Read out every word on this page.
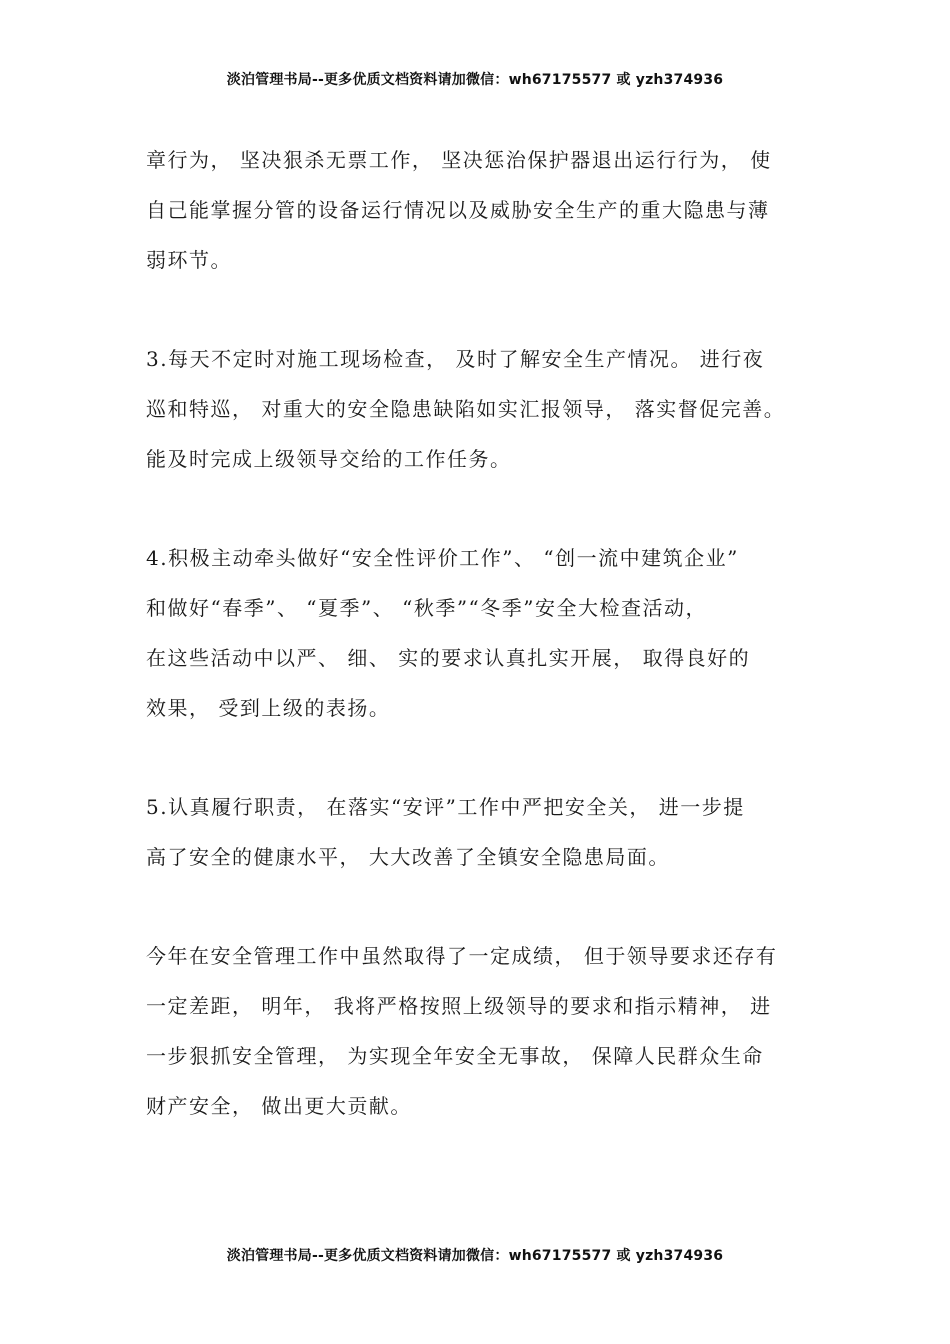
淡泊管理书局--更多优质文档资料请加微信：wh67175577 或 yzh374936

章行为， 坚决狠杀无票工作， 坚决惩治保护器退出运行行为， 使
自己能掌握分管的设备运行情况以及威胁安全生产的重大隐患与薄
弱环节。

3.每天不定时对施工现场检查， 及时了解安全生产情况。 进行夜
巡和特巡， 对重大的安全隐患缺陷如实汇报领导， 落实督促完善。
能及时完成上级领导交给的工作任务。

4.积极主动牵头做好“安全性评价工作”、 “创一流中建筑企业”
和做好“春季”、 “夏季”、 “秋季”“冬季”安全大检查活动，
在这些活动中以严、 细、 实的要求认真扎实开展， 取得良好的
效果， 受到上级的表扬。

5.认真履行职责， 在落实“安评”工作中严把安全关， 进一步提
高了安全的健康水平， 大大改善了全镇安全隐患局面。

今年在安全管理工作中虽然取得了一定成绩， 但于领导要求还存有
一定差距， 明年， 我将严格按照上级领导的要求和指示精神， 进
一步狠抓安全管理， 为实现全年安全无事故， 保障人民群众生命
财产安全， 做出更大贡献。

淡泊管理书局--更多优质文档资料请加微信：wh67175577 或 yzh374936
